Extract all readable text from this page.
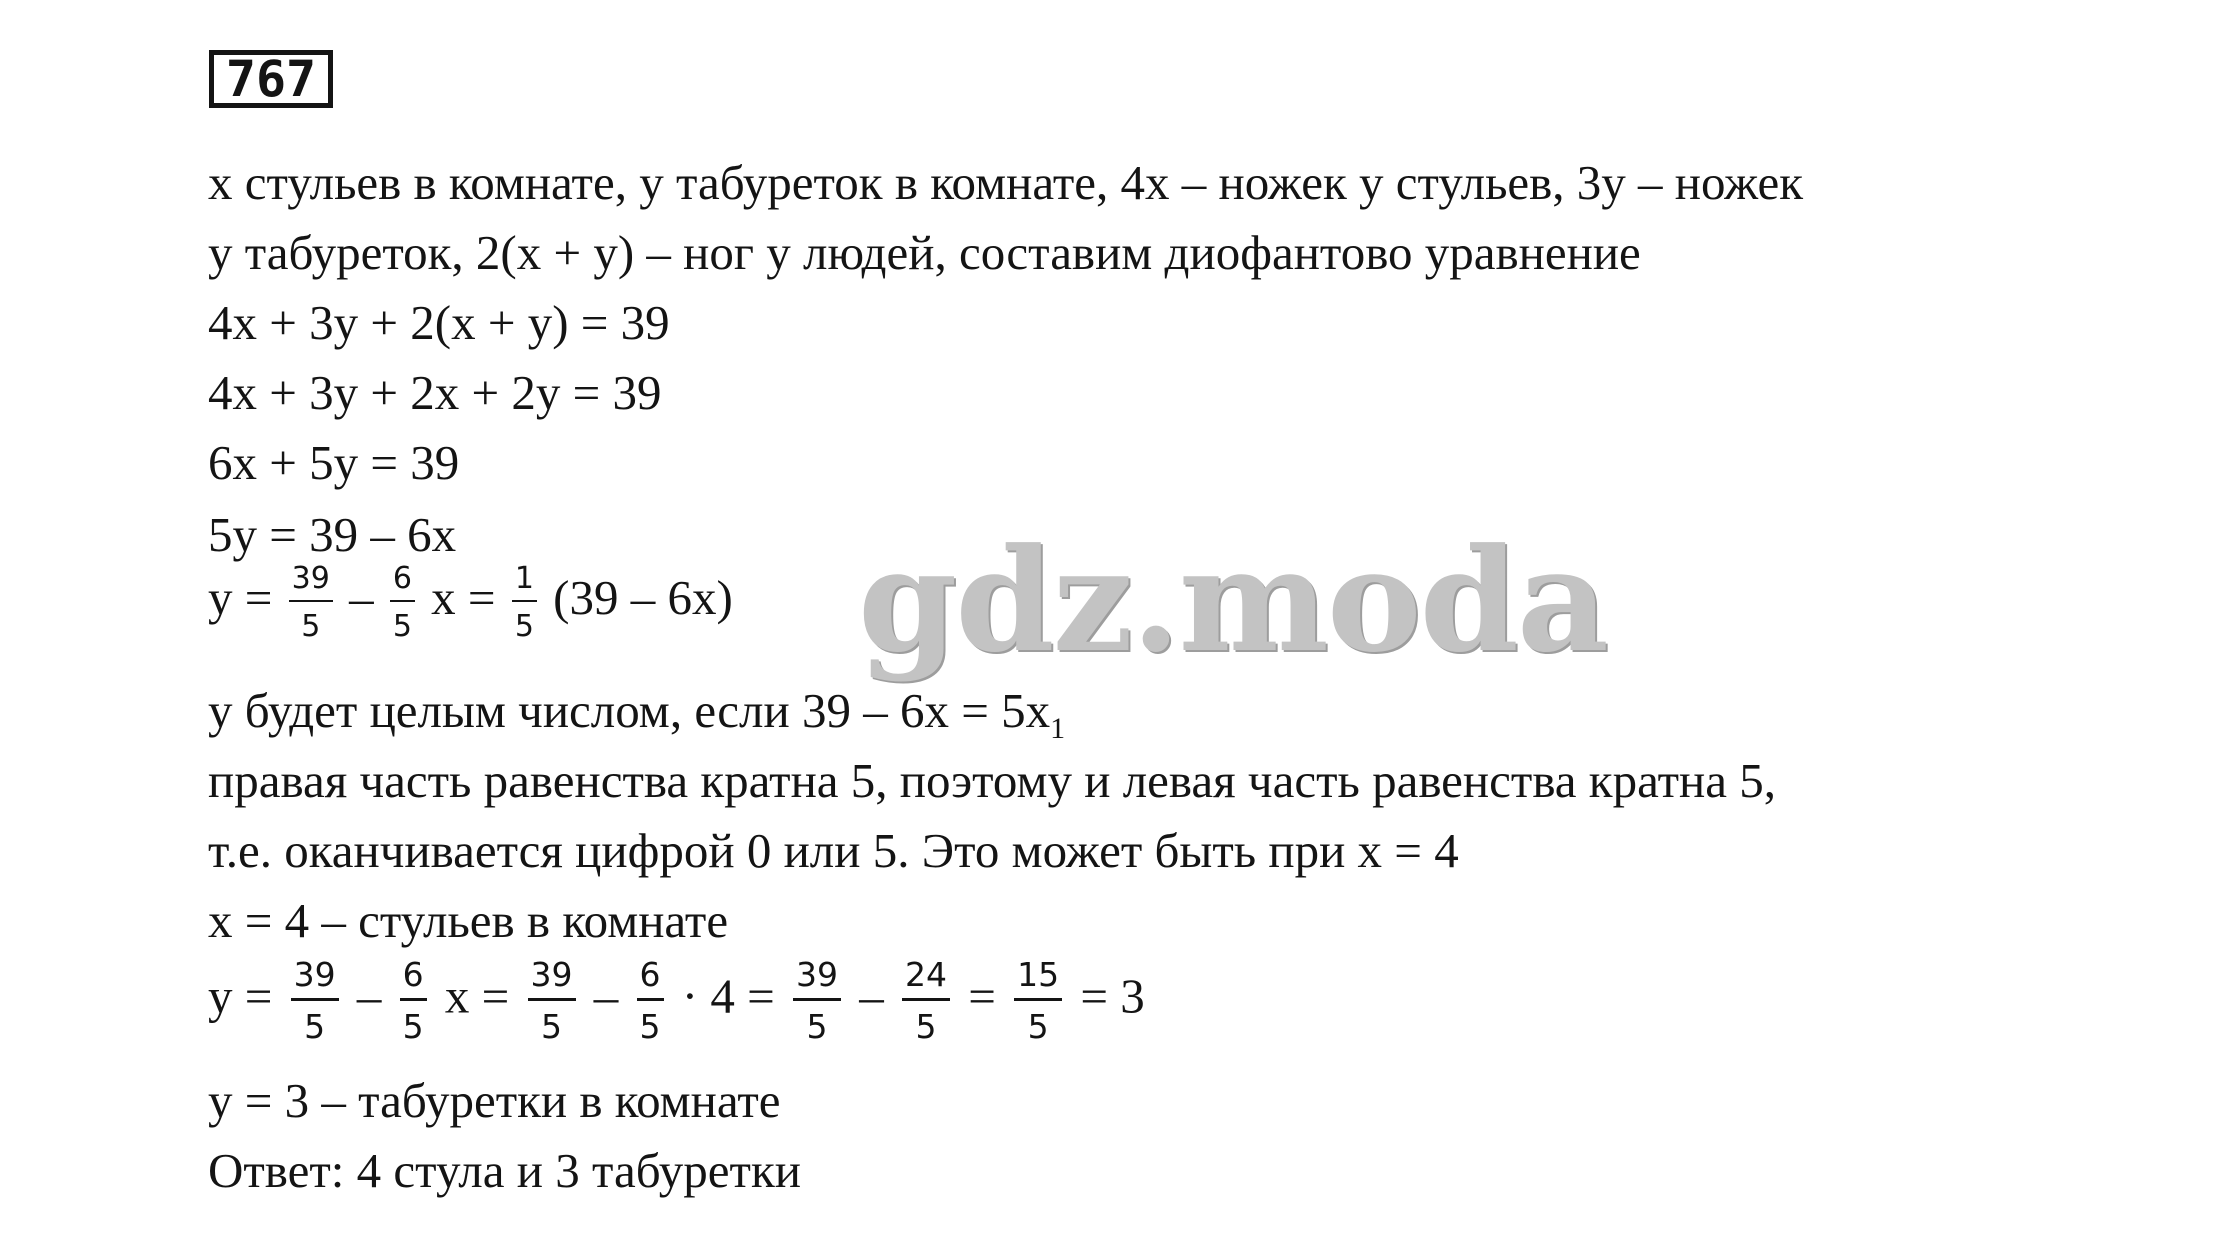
767
х стульев в комнате, у табуреток в комнате, 4х – ножек у стульев, 3у – ножек
у табуреток, 2(х + у) – ног у людей, составим диофантово уравнение
4х + 3у + 2(х + у) = 39
4х + 3у + 2х + 2у = 39
6х + 5у = 39
5у = 39 – 6х
$у = \frac{39}{5} - \frac{6}{5}$ $х = \frac{1}{5} (39 - 6х)$
у будет целым числом, если $39 - 6х = 5х_1$
правая часть равенства кратна 5, поэтому и левая часть равенства кратна 5,
т.е. оканчивается цифрой 0 или 5. Это может быть при х = 4
х = 4 – стульев в комнате
$у = \frac{39}{5} - \frac{6}{5}$ $х = \frac{39}{5} - \frac{6}{5} \cdot 4 = \frac{39}{5} - \frac{24}{5} = \frac{15}{5} = 3$
у = 3 – табуретки в комнате
Ответ: 4 стула и 3 табуретки
gdz.moda
